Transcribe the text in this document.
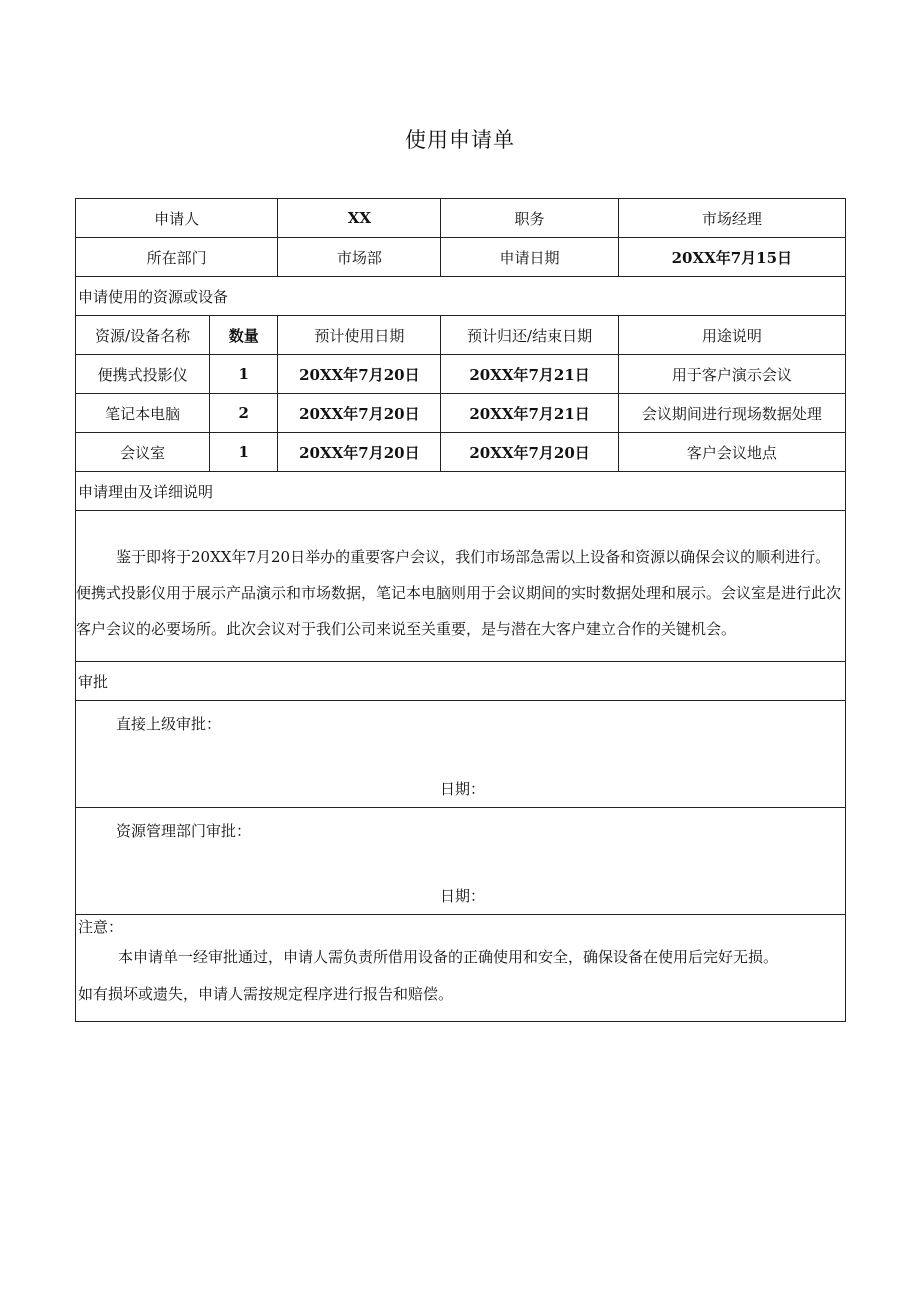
使用申请单
申请人		XX	职务	市场经理
所在部门		市场部	申请日期	20XX年7月15日
申请使用的资源或设备				
资源/设备名称	数量	预计使用日期	预计归还/结束日期	用途说明
便携式投影仪	1	20XX年7月20日	20XX年7月21日	用于客户演示会议
笔记本电脑	2	20XX年7月20日	20XX年7月21日	会议期间进行现场数据处理
会议室	1	20XX年7月20日	20XX年7月20日	客户会议地点
申请理由及详细说明				

鉴于即将于20XX年7月20日举办的重要客户会议，我们市场部急需以上设备和资源以确保会议的顺利进行。便携式投影仪用于展示产品演示和市场数据，笔记本电脑则用于会议期间的实时数据处理和展示。会议室是进行此次客户会议的必要场所。此次会议对于我们公司来说至关重要，是与潜在大客户建立合作的关键机会。				

审批				

直接上级审批：
日期：				

资源管理部门审批：
日期：				

注意：
本申请单一经审批通过，申请人需负责所借用设备的正确使用和安全，确保设备在使用后完好无损。
如有损坏或遗失，申请人需按规定程序进行报告和赔偿。				
